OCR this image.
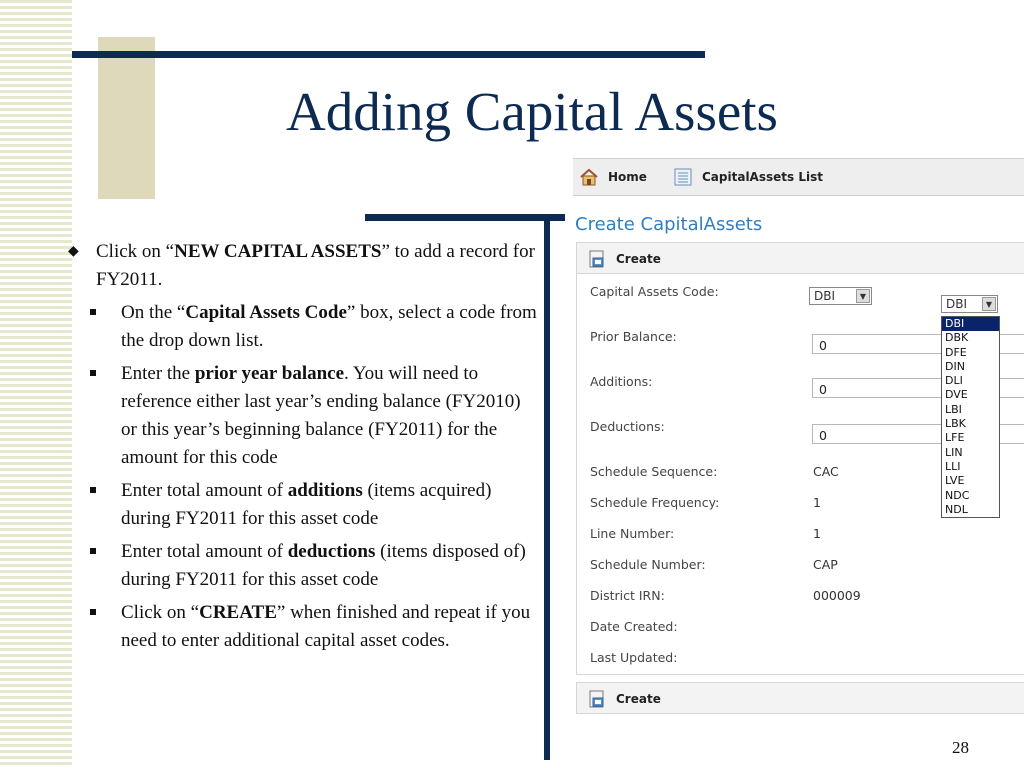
Adding Capital Assets
◆ Click on “NEW CAPITAL ASSETS” to add a record for FY2011.
On the “Capital Assets Code” box, select a code from the drop down list.
Enter the prior year balance. You will need to reference either last year’s ending balance (FY2010) or this year’s beginning balance (FY2011) for the amount for this code
Enter total amount of additions (items acquired) during FY2011 for this asset code
Enter total amount of deductions (items disposed of) during FY2011 for this asset code
Click on “CREATE” when finished and repeat if you need to enter additional capital asset codes.
28
Home	CapitalAssets List
Create CapitalAssets
Create
Capital Assets Code:	DBI	▼
Prior Balance:
0
Additions:
0
Deductions:
0
Schedule Sequence:	CAC
Schedule Frequency:	1
Line Number:	1
Schedule Number:	CAP
District IRN:	000009
Date Created:
Last Updated:
DBI	▼
DBI
DBK
DFE
DIN
DLI
DVE
LBI
LBK
LFE
LIN
LLI
LVE
NDC
NDL
Create
